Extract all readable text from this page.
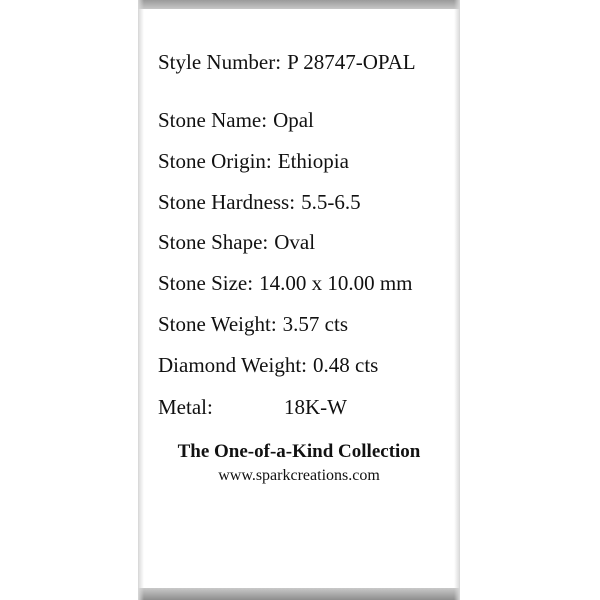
Style Number: P 28747-OPAL
Stone Name: Opal
Stone Origin: Ethiopia
Stone Hardness: 5.5-6.5
Stone Shape: Oval
Stone Size: 14.00 x 10.00 mm
Stone Weight: 3.57 cts
Diamond Weight: 0.48 cts
Metal:	18K-W
The One-of-a-Kind Collection
www.sparkcreations.com
